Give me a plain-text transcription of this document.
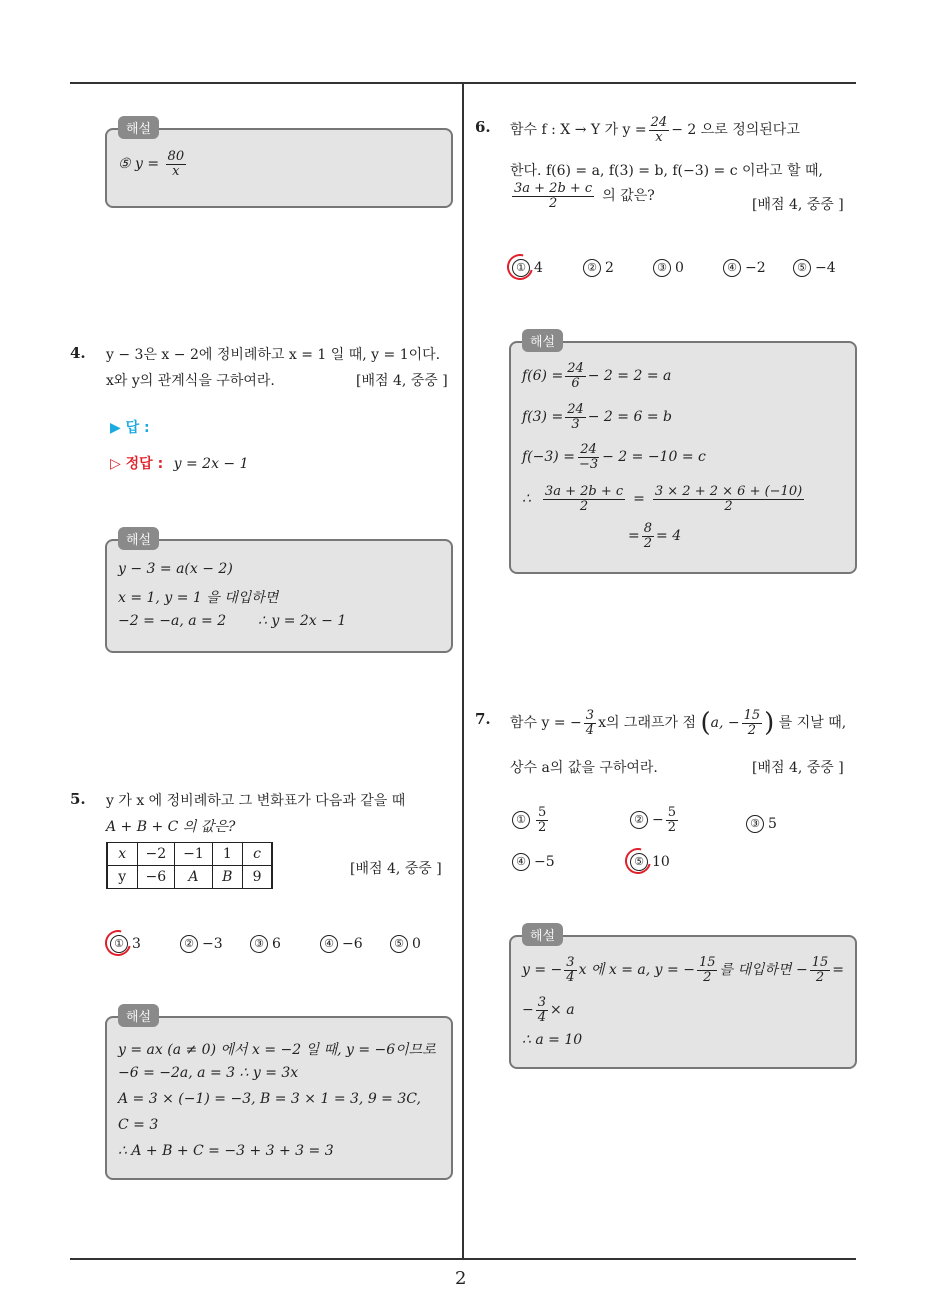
2
해설
⑤ $y = \frac{80}{x}$
4. y − 3은 x − 2에 정비례하고 x = 1 일 때, y = 1이다.
x와 y의 관계식을 구하여라.	[배점 4, 중중 ]
▶ 답 :
▷ 정답 : y = 2x − 1
해설
y − 3 = a(x − 2)
x = 1, y = 1 을 대입하면
−2 = −a, a = 2 ∴ y = 2x − 1
5. y 가 x 에 정비례하고 그 변화표가 다음과 같을 때
A + B + C 의 값은?
x	−2	−1	1	c
y	−6	A	B	9	[배점 4, 중중 ]
① 3	② −3	③ 6	④ −6	⑤ 0
해설
y = ax (a ≠ 0) 에서 x = −2 일 때, y = −6이므로
−6 = −2a, a = 3 ∴ y = 3x
A = 3 × (−1) = −3, B = 3 × 1 = 3, 9 = 3C,
C = 3
∴ A + B + C = −3 + 3 + 3 = 3
6. 함수 f : X → Y 가 $y = \frac{24}{x} - 2$ 으로 정의된다고
한다. f(6) = a, f(3) = b, f(−3) = c 이라고 할 때,
$\frac{3a + 2b + c}{2}$ 의 값은?
[배점 4, 중중 ]
① 4	② 2	③ 0	④ −2	⑤ −4
해설
$f(6) = \frac{24}{6} - 2 = 2 = a$
$f(3) = \frac{24}{3} - 2 = 6 = b$
$f(-3) = \frac{24}{-3} - 2 = -10 = c$
∴ $\frac{3a + 2b + c}{2} = \frac{3 \times 2 + 2 \times 6 + (-10)}{2}$
= $\frac{8}{2} = 4$
7. 함수 y = − $\frac{3}{4}$ x의 그래프가 점 (a, − $\frac{15}{2}$ ) 를 지날 때,
상수 a의 값을 구하여라.	[배점 4, 중중 ]
① $\frac{5}{2}$	② − $\frac{5}{2}$	③ 5
④ −5	⑤ 10
해설
y = − $\frac{3}{4}$ x 에 x = a, y = − $\frac{15}{2}$ 를 대입하면 − $\frac{15}{2}$ =
− $\frac{3}{4} \times a$
∴ a = 10
